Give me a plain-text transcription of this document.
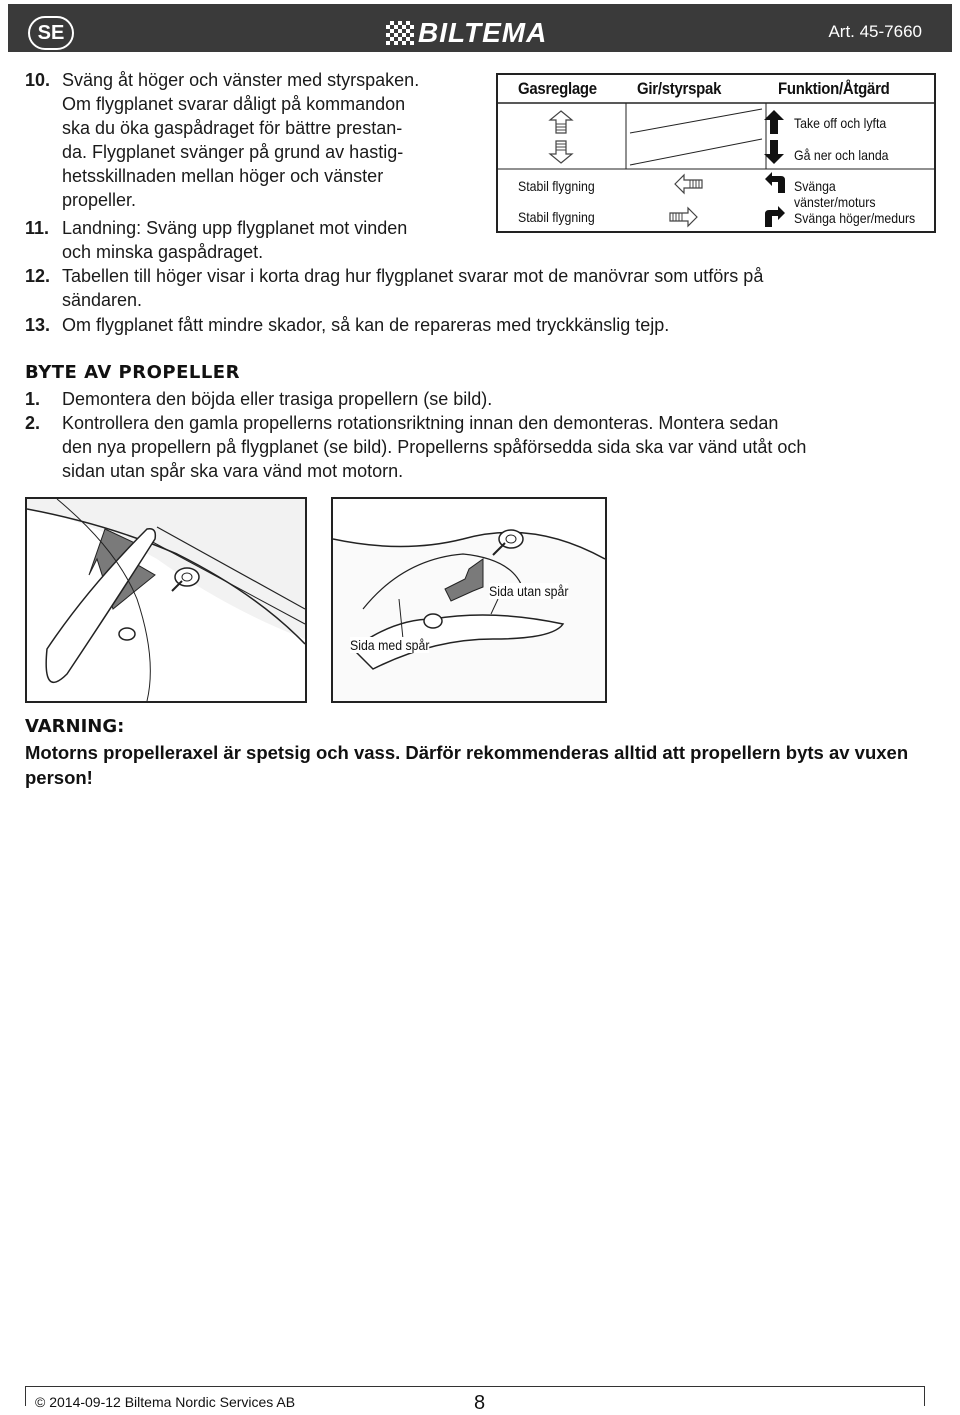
SE	BILTEMA	Art. 45-7660
10. Sväng åt höger och vänster med styrspaken.
Om flygplanet svarar dåligt på kommandon
ska du öka gaspådraget för bättre prestan-
da. Flygplanet svänger på grund av hastig-
hetsskillnaden mellan höger och vänster
propeller.
11. Landning: Sväng upp flygplanet mot vinden
och minska gaspådraget.
12. Tabellen till höger visar i korta drag hur flygplanet svarar mot de manövrar som utförs på
sändaren.
13. Om flygplanet fått mindre skador, så kan de repareras med tryckkänslig tejp.
Gasreglage Gir/styrspak	Funktion/Åtgärd
Take off och lyfta
Gå ner och landa
Stabil flygning	Svänga vänster/moturs
Stabil flygning	Svänga höger/medurs
BYTE AV PROPELLER
1. Demontera den böjda eller trasiga propellern (se bild).
2. Kontrollera den gamla propellerns rotationsriktning innan den demonteras. Montera sedan
den nya propellern på flygplanet (se bild). Propellerns spåförsedda sida ska var vänd utåt och
sidan utan spår ska vara vänd mot motorn.
Sida utan spår
Sida med spår
VARNING:
Motorns propelleraxel är spetsig och vass. Därför rekommenderas alltid att propellern byts av vuxen person!
© 2014-09-12 Biltema Nordic Services AB	8
